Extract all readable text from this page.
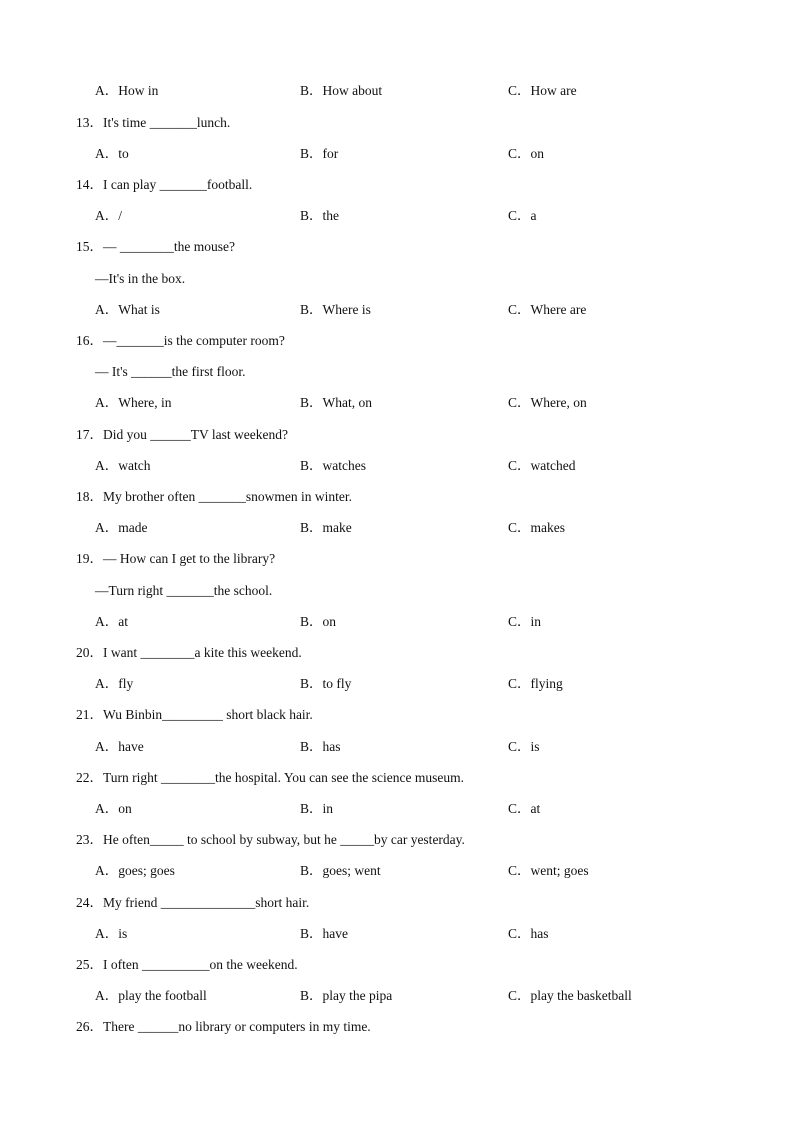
A．How in	B．How about	C．How are
13．It's time _______lunch.
A．to	B．for	C．on
14．I can play _______football.
A．/	B．the	C．a
15．— ________the mouse?
—It's in the box.
A．What is	B．Where is	C．Where are
16．—_______is the computer room?
— It's ______the first floor.
A．Where, in	B．What, on	C．Where, on
17．Did you ______TV last weekend?
A．watch	B．watches	C．watched
18．My brother often _______snowmen in winter.
A．made	B．make	C．makes
19．— How can I get to the library?
—Turn right _______the school.
A．at	B．on	C．in
20．I want ________a kite this weekend.
A．fly	B．to fly	C．flying
21．Wu Binbin_________ short black hair.
A．have	B．has	C．is
22．Turn right ________the hospital. You can see the science museum.
A．on	B．in	C．at
23．He often_____ to school by subway, but he _____by car yesterday.
A．goes; goes	B．goes; went	C．went; goes
24．My friend ______________short hair.
A．is	B．have	C．has
25．I often __________on the weekend.
A．play the football	B．play the pipa	C．play the basketball
26．There ______no library or computers in my time.
